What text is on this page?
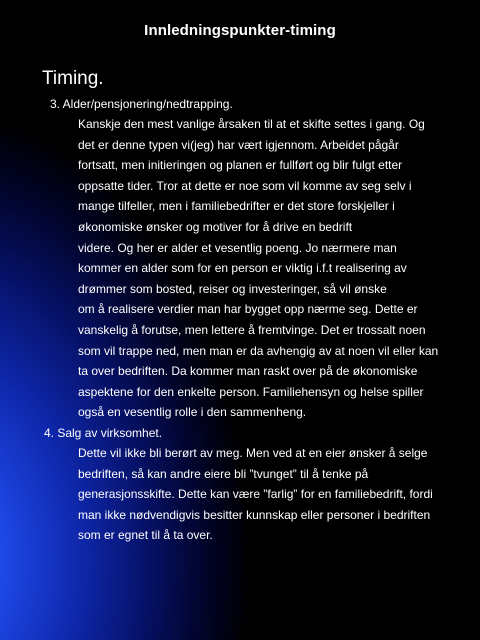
Innledningspunkter-timing
Timing.
3. Alder/pensjonering/nedtrapping.
Kanskje den mest vanlige årsaken til at et skifte settes i gang. Og
det er denne typen vi(jeg) har vært igjennom. Arbeidet pågår
fortsatt, men initieringen og planen er fullført og blir fulgt etter
oppsatte tider. Tror at dette er noe som vil komme av seg selv i
mange tilfeller, men i familiebedrifter er det store forskjeller i
økonomiske ønsker og motiver for å drive en bedrift
videre. Og her er alder et vesentlig poeng. Jo nærmere man
kommer en alder som for en person er viktig i.f.t realisering av
drømmer som bosted, reiser og investeringer, så vil ønske
om å realisere verdier man har bygget opp nærme seg. Dette er
vanskelig å forutse, men lettere å fremtvinge. Det er trossalt noen
som vil trappe ned, men man er da avhengig av at noen vil eller kan
ta over bedriften. Da kommer man raskt over på de økonomiske
aspektene for den enkelte person. Familiehensyn og helse spiller
også en vesentlig rolle i den sammenheng.
4. Salg av virksomhet.
Dette vil ikke bli berørt av meg. Men ved at en eier ønsker å selge
bedriften, så kan andre eiere bli ”tvunget” til å tenke på
generasjonsskifte. Dette kan være ”farlig” for en familiebedrift, fordi
man ikke nødvendigvis besitter kunnskap eller personer i bedriften
som er egnet til å ta over.
